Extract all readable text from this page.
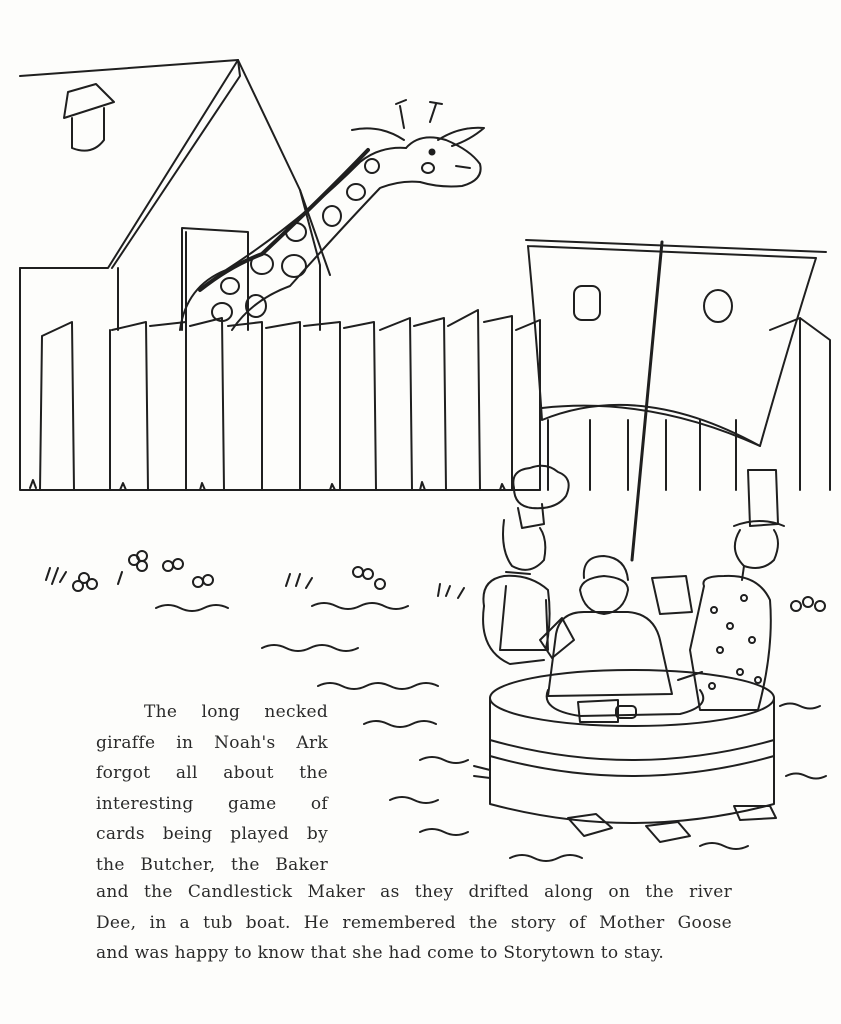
The long necked

giraffe in Noah's Ark

forgot all about the

interesting game of

cards being played by

the Butcher, the Baker

and the Candlestick Maker as they drifted along on the river

Dee, in a tub boat. He remembered the story of Mother Goose

and was happy to know that she had come to Storytown to stay.
